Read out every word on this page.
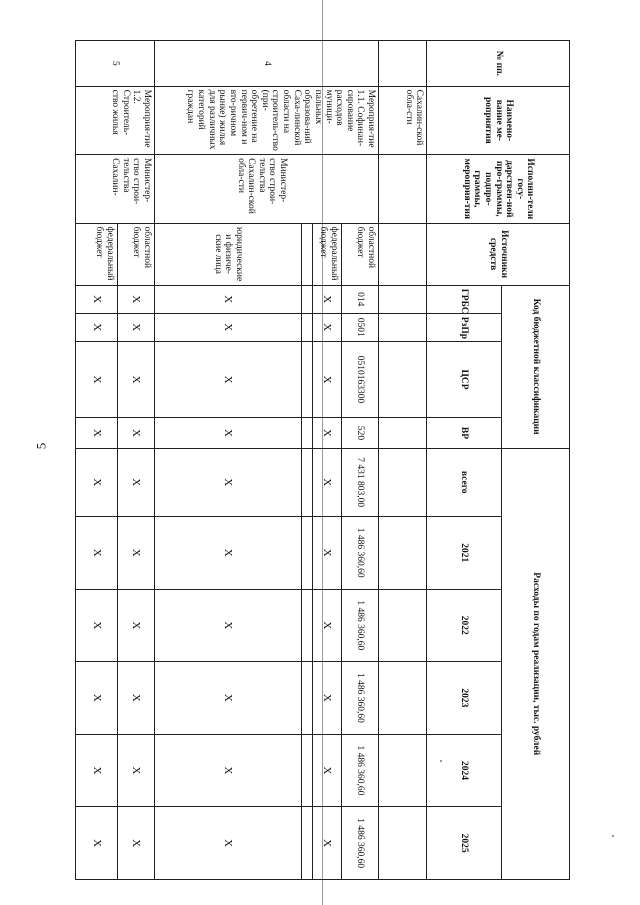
5
№ пп.	Наимено-вание ме-роприятия	Исполни-тели госу-дарствен-ной про-граммы, подпро-граммы, мероприя-тия	Источники средств	Код бюджетной классификации				Расходы по годам реализации, тыс. рублей					
				ГРБС	РзПр	ЦСР	ВР	всего	2021	2022	2023	2024	2025
	Сахалин-ской обла-сти												
4	Мероприя-тие 1.1. Софинан-сирование расходов муници-пальных образова-ний Саха-линской области на строитель-ство (при-обретение на первич-ном и вто-ричном рынке) жилья для различных категорий граждан	Министер-ство строи-тельства Сахалин-ской обла-сти	областной бюджет	014	0501	0510163300	520	7 431 803,00	1 486 360,60	1 486 360,60	1 486 360,60	1 486 360,60	1 486 360,60
			федеральный бюджет	X	X	X	X	X	X	X	X	X	X

			юридические и физиче-ские лица	X	X	X	X	X	X	X	X	X	X
5	Мероприя-тие 1.2. Строитель-ство жилья	Министер-ство строи-тельства Сахалин-	областной бюджет	X	X	X	X	X	X	X	X	X	X
			федеральный бюджет	X	X	X	X	X	X	X	X	X	X
